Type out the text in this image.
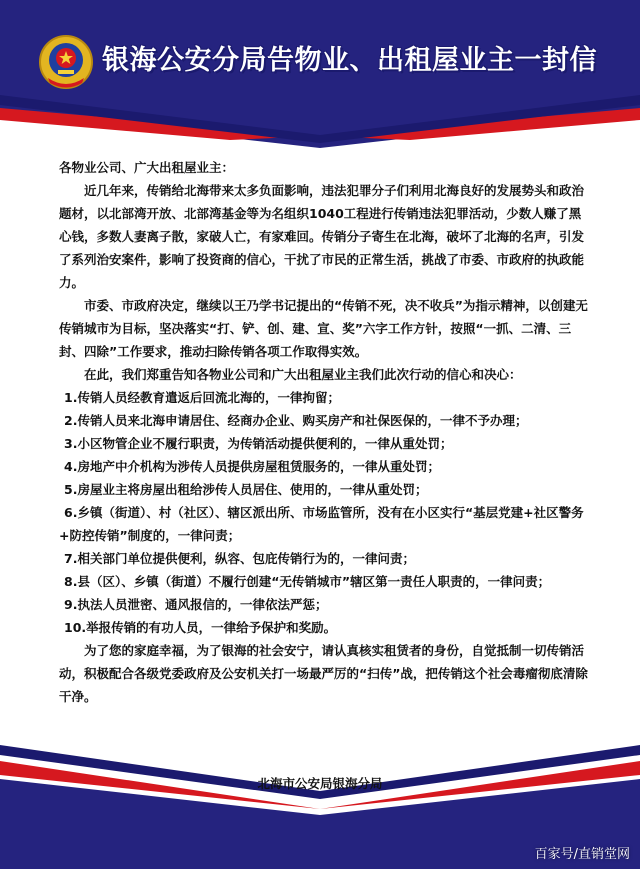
银海公安分局告物业、出租屋业主一封信

各物业公司、广大出租屋业主：

近几年来，传销给北海带来太多负面影响，违法犯罪分子们利用北海良好的发展势头和政治题材，以北部湾开放、北部湾基金等为名组织1040工程进行传销违法犯罪活动，少数人赚了黑心钱，多数人妻离子散，家破人亡，有家难回。传销分子寄生在北海，破坏了北海的名声，引发了系列治安案件，影响了投资商的信心，干扰了市民的正常生活，挑战了市委、市政府的执政能力。

市委、市政府决定，继续以王乃学书记提出的“传销不死，决不收兵”为指示精神，以创建无传销城市为目标，坚决落实“打、铲、创、建、宣、奖”六字工作方针，按照“一抓、二清、三封、四除”工作要求，推动扫除传销各项工作取得实效。

在此，我们郑重告知各物业公司和广大出租屋业主我们此次行动的信心和决心：

1.传销人员经教育遣返后回流北海的，一律拘留；

2.传销人员来北海申请居住、经商办企业、购买房产和社保医保的，一律不予办理；

3.小区物管企业不履行职责，为传销活动提供便利的，一律从重处罚；

4.房地产中介机构为涉传人员提供房屋租赁服务的，一律从重处罚；

5.房屋业主将房屋出租给涉传人员居住、使用的，一律从重处罚；

6.乡镇（街道）、村（社区）、辖区派出所、市场监管所，没有在小区实行“基层党建+社区警务+防控传销”制度的，一律问责；

7.相关部门单位提供便利，纵容、包庇传销行为的，一律问责；

8.县（区）、乡镇（街道）不履行创建“无传销城市”辖区第一责任人职责的，一律问责；

9.执法人员泄密、通风报信的，一律依法严惩；

10.举报传销的有功人员，一律给予保护和奖励。

为了您的家庭幸福，为了银海的社会安宁，请认真核实租赁者的身份，自觉抵制一切传销活动，积极配合各级党委政府及公安机关打一场最严厉的“扫传”战，把传销这个社会毒瘤彻底清除干净。

北海市公安局银海分局
百家号/直销堂网
